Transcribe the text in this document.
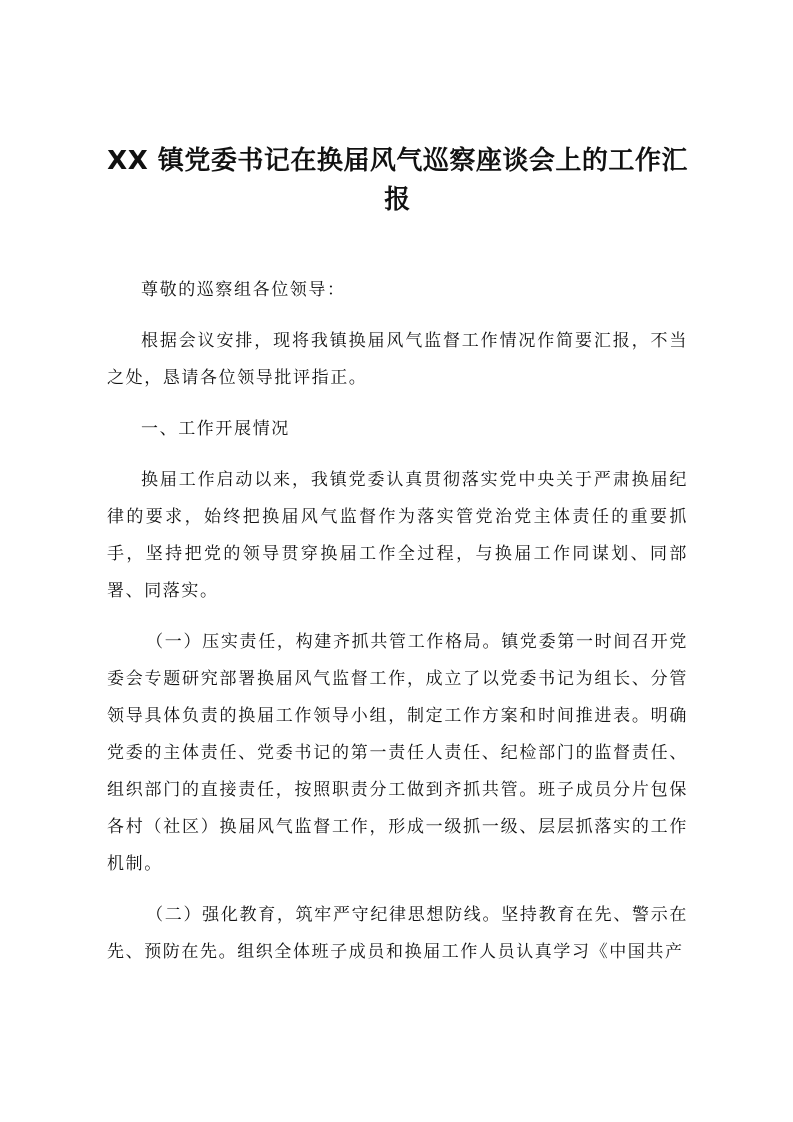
XX 镇党委书记在换届风气巡察座谈会上的工作汇报

尊敬的巡察组各位领导：

根据会议安排，现将我镇换届风气监督工作情况作简要汇报，不当之处，恳请各位领导批评指正。

一、工作开展情况

换届工作启动以来，我镇党委认真贯彻落实党中央关于严肃换届纪律的要求，始终把换届风气监督作为落实管党治党主体责任的重要抓手，坚持把党的领导贯穿换届工作全过程，与换届工作同谋划、同部署、同落实。

（一）压实责任，构建齐抓共管工作格局。镇党委第一时间召开党委会专题研究部署换届风气监督工作，成立了以党委书记为组长、分管领导具体负责的换届工作领导小组，制定工作方案和时间推进表。明确党委的主体责任、党委书记的第一责任人责任、纪检部门的监督责任、组织部门的直接责任，按照职责分工做到齐抓共管。班子成员分片包保各村（社区）换届风气监督工作，形成一级抓一级、层层抓落实的工作机制。

（二）强化教育，筑牢严守纪律思想防线。坚持教育在先、警示在先、预防在先。组织全体班子成员和换届工作人员认真学习《中国共产
